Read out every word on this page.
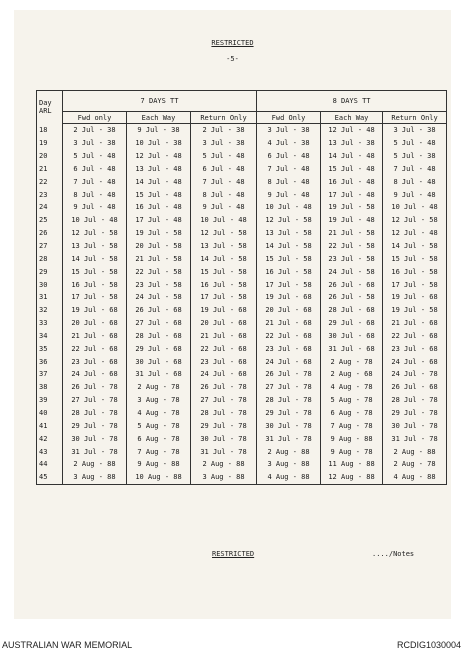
RESTRICTED
-5-
Day
ARL	7 DAYS TT			8 DAYS TT		
	Fwd only	Each Way	Return Only	Fwd Only	Each Way	Return Only
18	2 Jul - 38	9 Jul - 38	2 Jul - 38	3 Jul - 38	12 Jul - 48	3 Jul - 38
19	3 Jul - 38	10 Jul - 38	3 Jul - 38	4 Jul - 38	13 Jul - 38	5 Jul - 48
20	5 Jul - 48	12 Jul - 48	5 Jul - 48	6 Jul - 48	14 Jul - 48	5 Jul - 38
21	6 Jul - 48	13 Jul - 48	6 Jul - 48	7 Jul - 48	15 Jul - 48	7 Jul - 48
22	7 Jul - 48	14 Jul - 48	7 Jul - 48	8 Jul - 48	16 Jul - 48	8 Jul - 48
23	8 Jul - 48	15 Jul - 48	8 Jul - 48	9 Jul - 48	17 Jul - 48	9 Jul - 48
24	9 Jul - 48	16 Jul - 48	9 Jul - 48	10 Jul - 48	19 Jul - 58	10 Jul - 48
25	10 Jul - 48	17 Jul - 48	10 Jul - 48	12 Jul - 58	19 Jul - 48	12 Jul - 58
26	12 Jul - 58	19 Jul - 58	12 Jul - 58	13 Jul - 58	21 Jul - 58	12 Jul - 48
27	13 Jul - 58	20 Jul - 58	13 Jul - 58	14 Jul - 58	22 Jul - 58	14 Jul - 58
28	14 Jul - 58	21 Jul - 58	14 Jul - 58	15 Jul - 58	23 Jul - 58	15 Jul - 58
29	15 Jul - 58	22 Jul - 58	15 Jul - 58	16 Jul - 58	24 Jul - 58	16 Jul - 58
30	16 Jul - 58	23 Jul - 58	16 Jul - 58	17 Jul - 58	26 Jul - 68	17 Jul - 58
31	17 Jul - 58	24 Jul - 58	17 Jul - 58	19 Jul - 68	26 Jul - 58	19 Jul - 68
32	19 Jul - 68	26 Jul - 68	19 Jul - 68	20 Jul - 68	28 Jul - 68	19 Jul - 58
33	20 Jul - 68	27 Jul - 68	20 Jul - 68	21 Jul - 68	29 Jul - 68	21 Jul - 68
34	21 Jul - 68	28 Jul - 68	21 Jul - 68	22 Jul - 68	30 Jul - 68	22 Jul - 68
35	22 Jul - 68	29 Jul - 68	22 Jul - 68	23 Jul - 68	31 Jul - 68	23 Jul - 68
36	23 Jul - 68	30 Jul - 68	23 Jul - 68	24 Jul - 68	2 Aug - 78	24 Jul - 68
37	24 Jul - 68	31 Jul - 68	24 Jul - 68	26 Jul - 78	2 Aug - 68	24 Jul - 78
38	26 Jul - 78	2 Aug - 78	26 Jul - 78	27 Jul - 78	4 Aug - 78	26 Jul - 68
39	27 Jul - 78	3 Aug - 78	27 Jul - 78	28 Jul - 78	5 Aug - 78	28 Jul - 78
40	28 Jul - 78	4 Aug - 78	28 Jul - 78	29 Jul - 78	6 Aug - 78	29 Jul - 78
41	29 Jul - 78	5 Aug - 78	29 Jul - 78	30 Jul - 78	7 Aug - 78	30 Jul - 78
42	30 Jul - 78	6 Aug - 78	30 Jul - 78	31 Jul - 78	9 Aug - 88	31 Jul - 78
43	31 Jul - 78	7 Aug - 78	31 Jul - 78	2 Aug - 88	9 Aug - 78	2 Aug - 88
44	2 Aug - 88	9 Aug - 88	2 Aug - 88	3 Aug - 88	11 Aug - 88	2 Aug - 78
45	3 Aug - 88	10 Aug - 88	3 Aug - 88	4 Aug - 88	12 Aug - 88	4 Aug - 88
RESTRICTED	..../Notes
AUSTRALIAN WAR MEMORIAL	RCDIG1030004
